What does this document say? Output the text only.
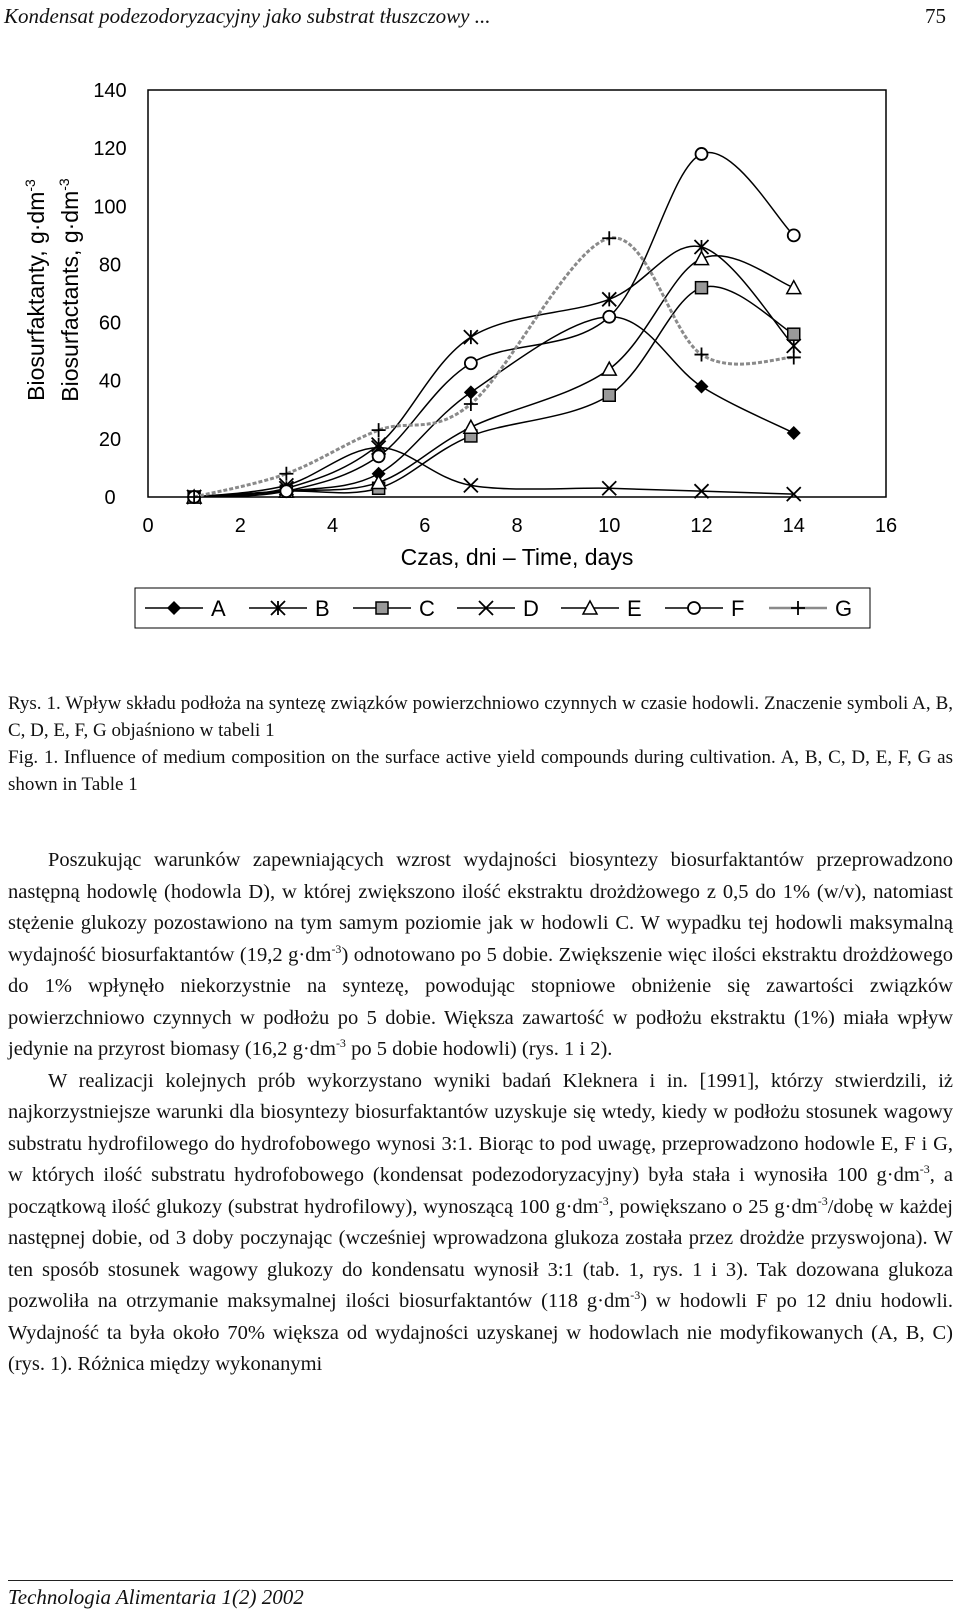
Kondensat podezodoryzacyjny jako substrat tłuszczowy ...	75
0
20
40
60
80
100
120
140
0	2	4	6	8	10	12	14	16
Biosurfaktanty, $g\cdot dm^{-3}$
Biosurfactants, $g\cdot dm^{-3}$
Czas, dni – Time, days
A	B	C	D	E	F	G

Rys. 1. Wpływ składu podłoża na syntezę związków powierzchniowo czynnych w czasie hodowli. Znaczenie symboli A, B, C, D, E, F, G objaśniono w tabeli 1

Fig. 1. Influence of medium composition on the surface active yield compounds during cultivation. A, B, C, D, E, F, G as shown in Table 1

Poszukując warunków zapewniających wzrost wydajności biosyntezy biosurfaktantów przeprowadzono następną hodowlę (hodowla D), w której zwiększono ilość ekstraktu drożdżowego z 0,5 do 1% (w/v), natomiast stężenie glukozy pozostawiono na tym samym poziomie jak w hodowli C. W wypadku tej hodowli maksymalną wydajność biosurfaktantów (19,2 $g\cdot dm^{-3}$) odnotowano po 5 dobie. Zwiększenie więc ilości ekstraktu drożdżowego do 1% wpłynęło niekorzystnie na syntezę, powodując stopniowe obniżenie się zawartości związków powierzchniowo czynnych w podłożu po 5 dobie. Większa zawartość w podłożu ekstraktu (1%) miała wpływ jedynie na przyrost biomasy (16,2 $g\cdot dm^{-3}$ po 5 dobie hodowli) (rys. 1 i 2).

W realizacji kolejnych prób wykorzystano wyniki badań Kleknera i in. [1991], którzy stwierdzili, iż najkorzystniejsze warunki dla biosyntezy biosurfaktantów uzyskuje się wtedy, kiedy w podłożu stosunek wagowy substratu hydrofilowego do hydrofobowego wynosi 3:1. Biorąc to pod uwagę, przeprowadzono hodowle E, F i G, w których ilość substratu hydrofobowego (kondensat podezodoryzacyjny) była stała i wynosiła 100 $g\cdot dm^{-3}$, a początkową ilość glukozy (substrat hydrofilowy), wynoszącą 100 $g\cdot dm^{-3}$, powiększano o 25 $g\cdot dm^{-3}$/dobę w każdej następnej dobie, od 3 doby poczynając (wcześniej wprowadzona glukoza została przez drożdże przyswojona). W ten sposób stosunek wagowy glukozy do kondensatu wynosił 3:1 (tab. 1, rys. 1 i 3). Tak dozowana glukoza pozwoliła na otrzymanie maksymalnej ilości biosurfaktantów (118 $g\cdot dm^{-3}$) w hodowli F po 12 dniu hodowli. Wydajność ta była około 70% większa od wydajności uzyskanej w hodowlach nie modyfikowanych (A, B, C) (rys. 1). Różnica między wykonanymi

Technologia Alimentaria 1(2) 2002
